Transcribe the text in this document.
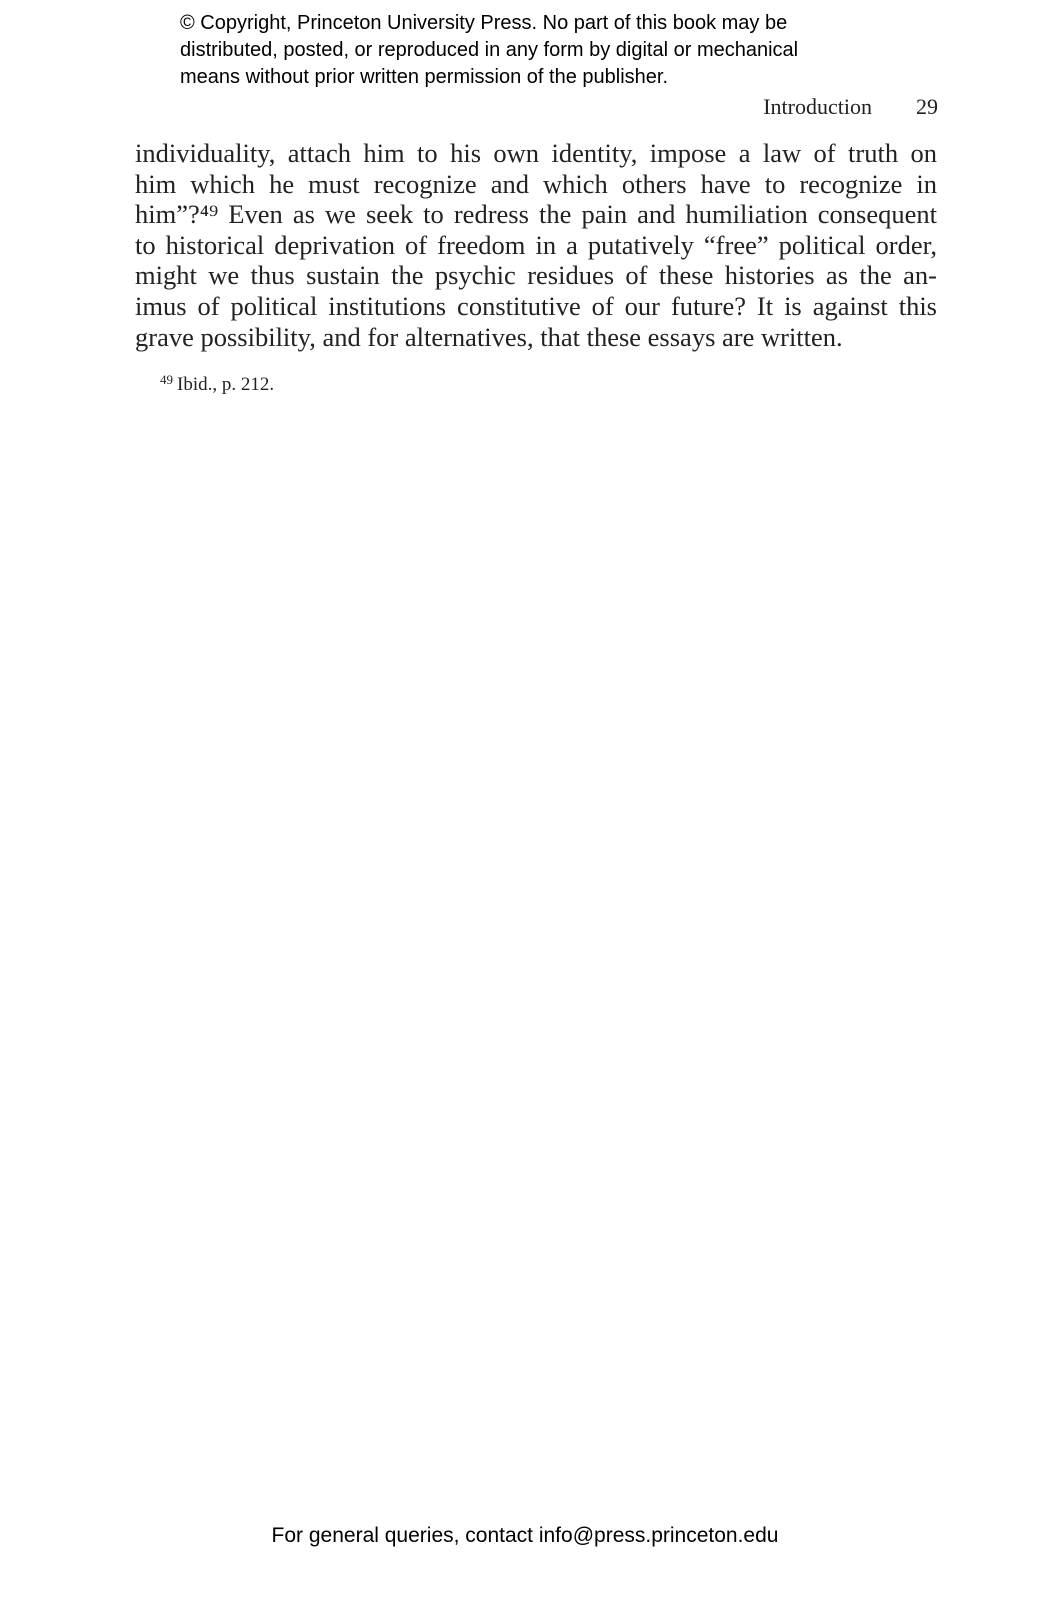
© Copyright, Princeton University Press. No part of this book may be
distributed, posted, or reproduced in any form by digital or mechanical
means without prior written permission of the publisher.
Introduction 29
individuality, attach him to his own identity, impose a law of truth on
him which he must recognize and which others have to recognize in
him”?⁴⁹ Even as we seek to redress the pain and humiliation consequent
to historical deprivation of freedom in a putatively “free” political order,
might we thus sustain the psychic residues of these histories as the an-
imus of political institutions constitutive of our future? It is against this
grave possibility, and for alternatives, that these essays are written.
$^{49}$ Ibid., p. 212.
For general queries, contact info@press.princeton.edu
